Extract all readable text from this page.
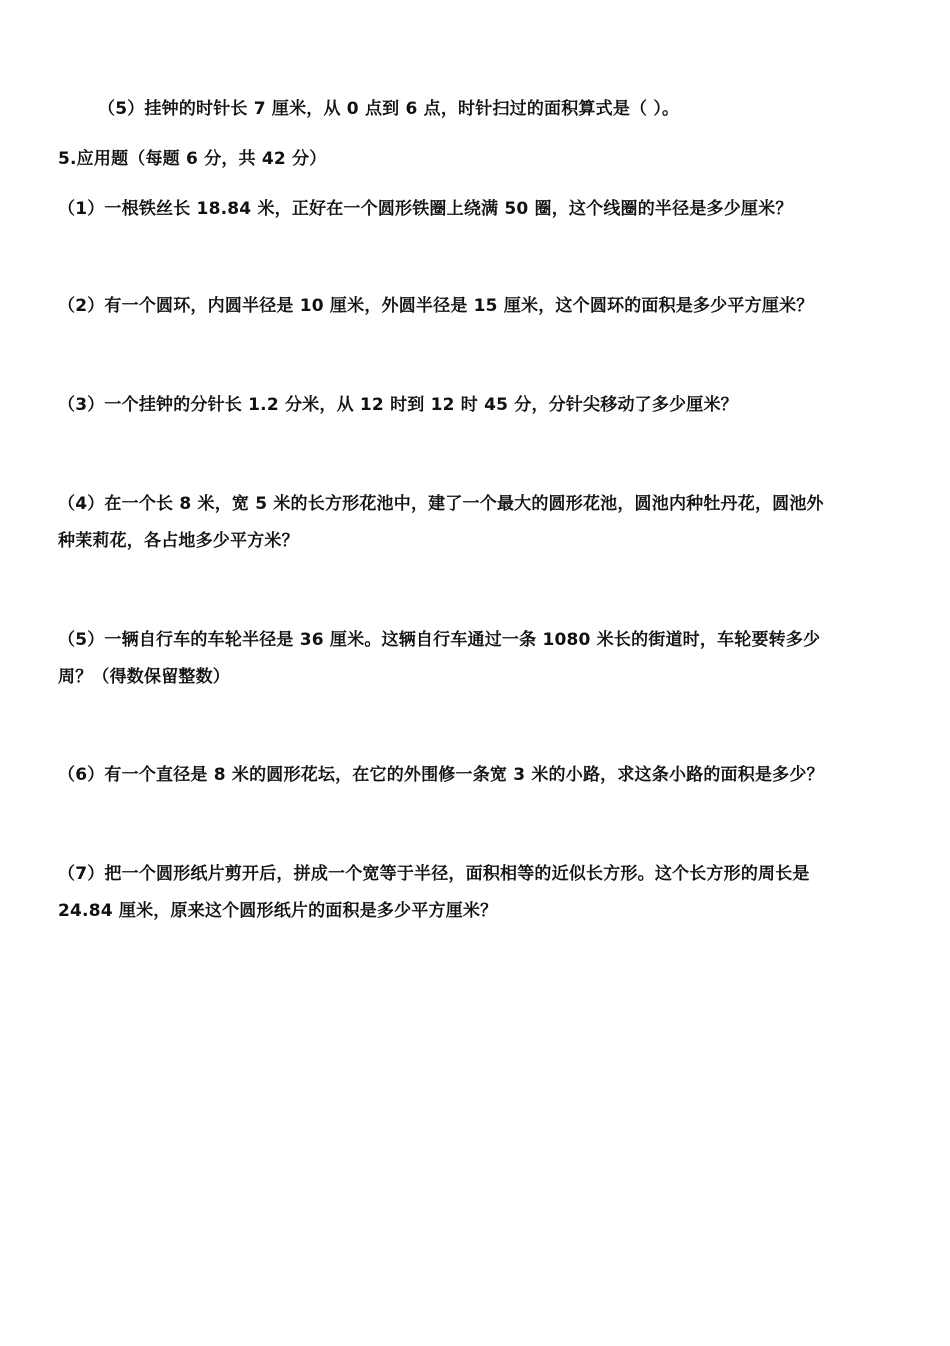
（5）挂钟的时针长 7 厘米，从 0 点到 6 点，时针扫过的面积算式是（ ）。
5.应用题（每题 6 分，共 42 分）
（1）一根铁丝长 18.84 米，正好在一个圆形铁圈上绕满 50 圈，这个线圈的半径是多少厘米？
（2）有一个圆环，内圆半径是 10 厘米，外圆半径是 15 厘米，这个圆环的面积是多少平方厘米？
（3）一个挂钟的分针长 1.2 分米，从 12 时到 12 时 45 分，分针尖移动了多少厘米？
（4）在一个长 8 米，宽 5 米的长方形花池中，建了一个最大的圆形花池，圆池内种牡丹花，圆池外
种茉莉花，各占地多少平方米？
（5）一辆自行车的车轮半径是 36 厘米。这辆自行车通过一条 1080 米长的街道时，车轮要转多少
周？（得数保留整数）
（6）有一个直径是 8 米的圆形花坛，在它的外围修一条宽 3 米的小路，求这条小路的面积是多少？
（7）把一个圆形纸片剪开后，拼成一个宽等于半径，面积相等的近似长方形。这个长方形的周长是
24.84 厘米，原来这个圆形纸片的面积是多少平方厘米？
